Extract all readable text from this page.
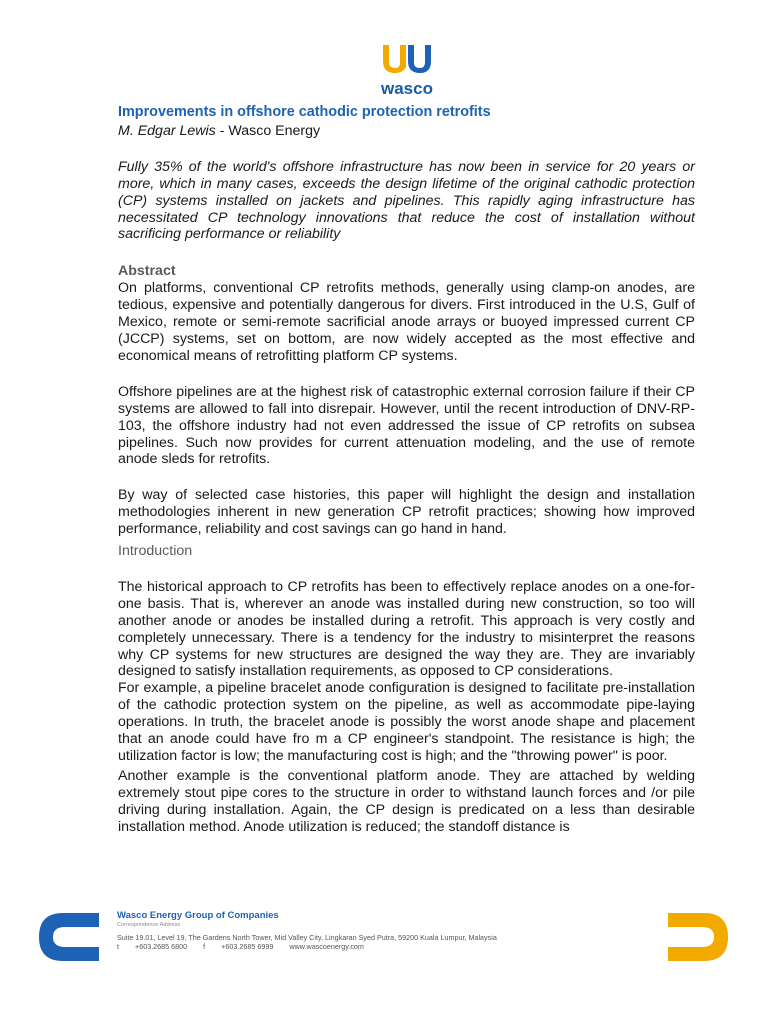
wasco

Improvements in offshore cathodic protection retrofits

M. Edgar Lewis - Wasco Energy

Fully 35% of the world's offshore infrastructure has now been in service for 20 years or more, which in many cases, exceeds the design lifetime of the original cathodic protection (CP) systems installed on jackets and pipelines. This rapidly aging infrastructure has necessitated CP technology innovations that reduce the cost of installation without sacrificing performance or reliability

Abstract

On platforms, conventional CP retrofits methods, generally using clamp-on anodes, are tedious, expensive and potentially dangerous for divers. First introduced in the U.S, Gulf of Mexico, remote or semi-remote sacrificial anode arrays or buoyed impressed current CP (JCCP) systems, set on bottom, are now widely accepted as the most effective and economical means of retrofitting platform CP systems.

Offshore pipelines are at the highest risk of catastrophic external corrosion failure if their CP systems are allowed to fall into disrepair. However, until the recent introduction of DNV-RP-103, the offshore industry had not even addressed the issue of CP retrofits on subsea pipelines. Such now provides for current attenuation modeling, and the use of remote anode sleds for retrofits.

By way of selected case histories, this paper will highlight the design and installation methodologies inherent in new generation CP retrofit practices; showing how improved performance, reliability and cost savings can go hand in hand.

Introduction

The historical approach to CP retrofits has been to effectively replace anodes on a one-for-one basis. That is, wherever an anode was installed during new construction, so too will another anode or anodes be installed during a retrofit. This approach is very costly and completely unnecessary. There is a tendency for the industry to misinterpret the reasons why CP systems for new structures are designed the way they are. They are invariably designed to satisfy installation requirements, as opposed to CP considerations.

For example, a pipeline bracelet anode configuration is designed to facilitate pre-installation of the cathodic protection system on the pipeline, as well as accommodate pipe-laying operations. In truth, the bracelet anode is possibly the worst anode shape and placement that an anode could have fro m a CP engineer's standpoint. The resistance is high; the utilization factor is low; the manufacturing cost is high; and the "throwing power" is poor.

Another example is the conventional platform anode. They are attached by welding extremely stout pipe cores to the structure in order to withstand launch forces and /or pile driving during installation. Again, the CP design is predicated on a less than desirable installation method. Anode utilization is reduced; the standoff distance is

Wasco Energy Group of Companies
Correspondence Address
Suite 19.01, Level 19, The Gardens North Tower, Mid Valley City, Lingkaran Syed Putra, 59200 Kuala Lumpur, Malaysia
t +603.2685 6800 f +603.2685 6999 www.wascoenergy.com
